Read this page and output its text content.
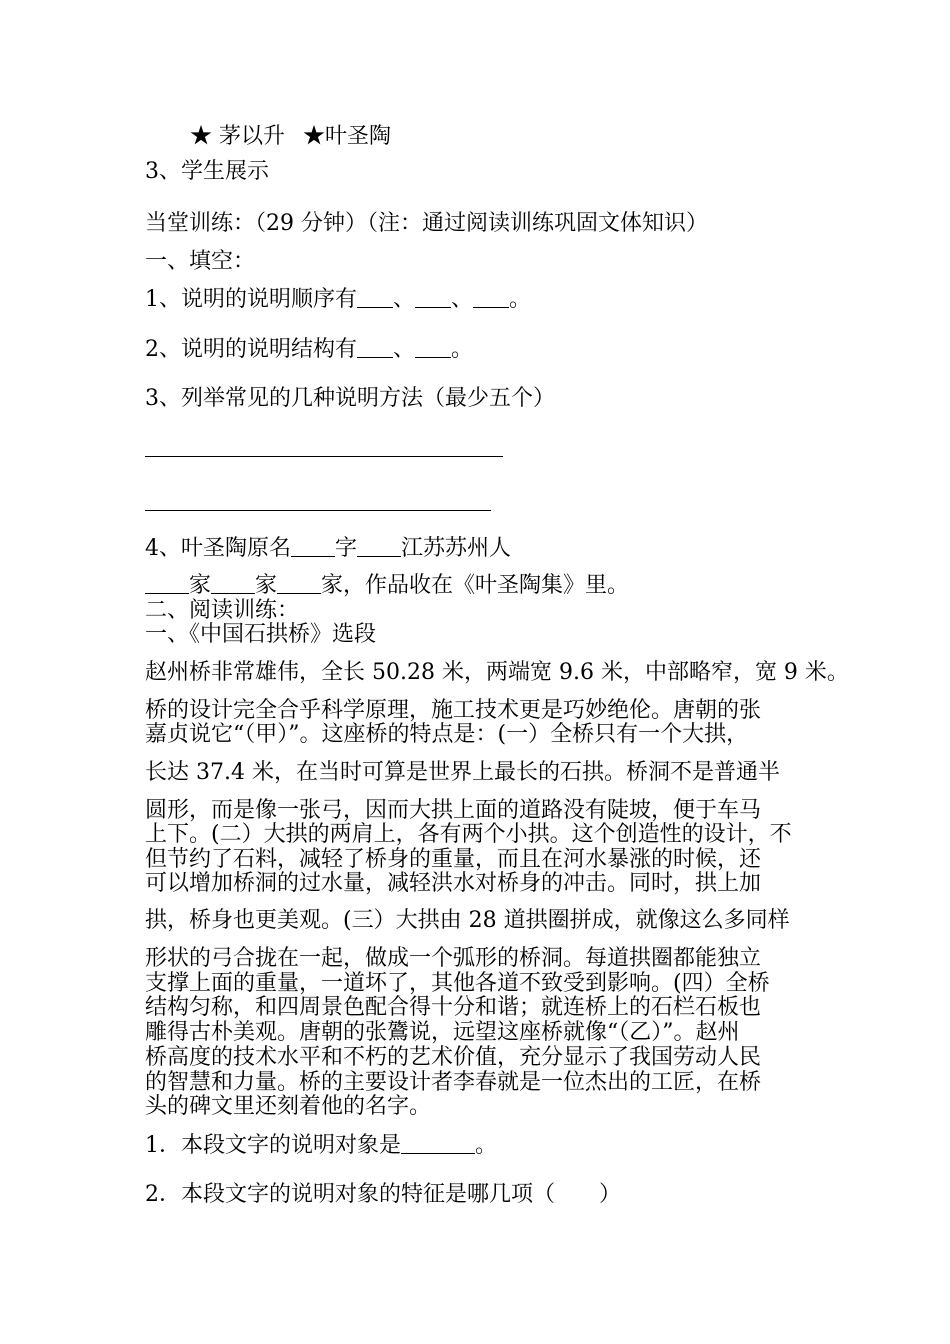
★ 茅以升 ★叶圣陶
3、学生展示
当堂训练：（29 分钟）（注：通过阅读训练巩固文体知识）
一、填空：
1、说明的说明顺序有 、 、 。
2、说明的说明结构有 、 。
3、列举常见的几种说明方法（最少五个）
4、叶圣陶原名 字 江苏苏州人
家 家 家，作品收在《叶圣陶集》里。
二、阅读训练：
一、《中国石拱桥》选段
赵州桥非常雄伟，全长 50.28 米，两端宽 9.6 米，中部略窄，宽 9 米。
桥的设计完全合乎科学原理，施工技术更是巧妙绝伦。唐朝的张
嘉贞说它“（甲）”。这座桥的特点是：(一）全桥只有一个大拱，
长达 37.4 米，在当时可算是世界上最长的石拱。桥洞不是普通半
圆形，而是像一张弓，因而大拱上面的道路没有陡坡，便于车马
上下。(二）大拱的两肩上，各有两个小拱。这个创造性的设计，不
但节约了石料，减轻了桥身的重量，而且在河水暴涨的时候，还
可以增加桥洞的过水量，减轻洪水对桥身的冲击。同时，拱上加
拱，桥身也更美观。(三）大拱由 28 道拱圈拼成，就像这么多同样
形状的弓合拢在一起，做成一个弧形的桥洞。每道拱圈都能独立
支撑上面的重量，一道坏了，其他各道不致受到影响。(四）全桥
结构匀称，和四周景色配合得十分和谐；就连桥上的石栏石板也
雕得古朴美观。唐朝的张鷟说，远望这座桥就像“（乙）”。赵州
桥高度的技术水平和不朽的艺术价值，充分显示了我国劳动人民
的智慧和力量。桥的主要设计者李春就是一位杰出的工匠，在桥
头的碑文里还刻着他的名字。
1．本段文字的说明对象是	。
2．本段文字的说明对象的特征是哪几项（　　）
